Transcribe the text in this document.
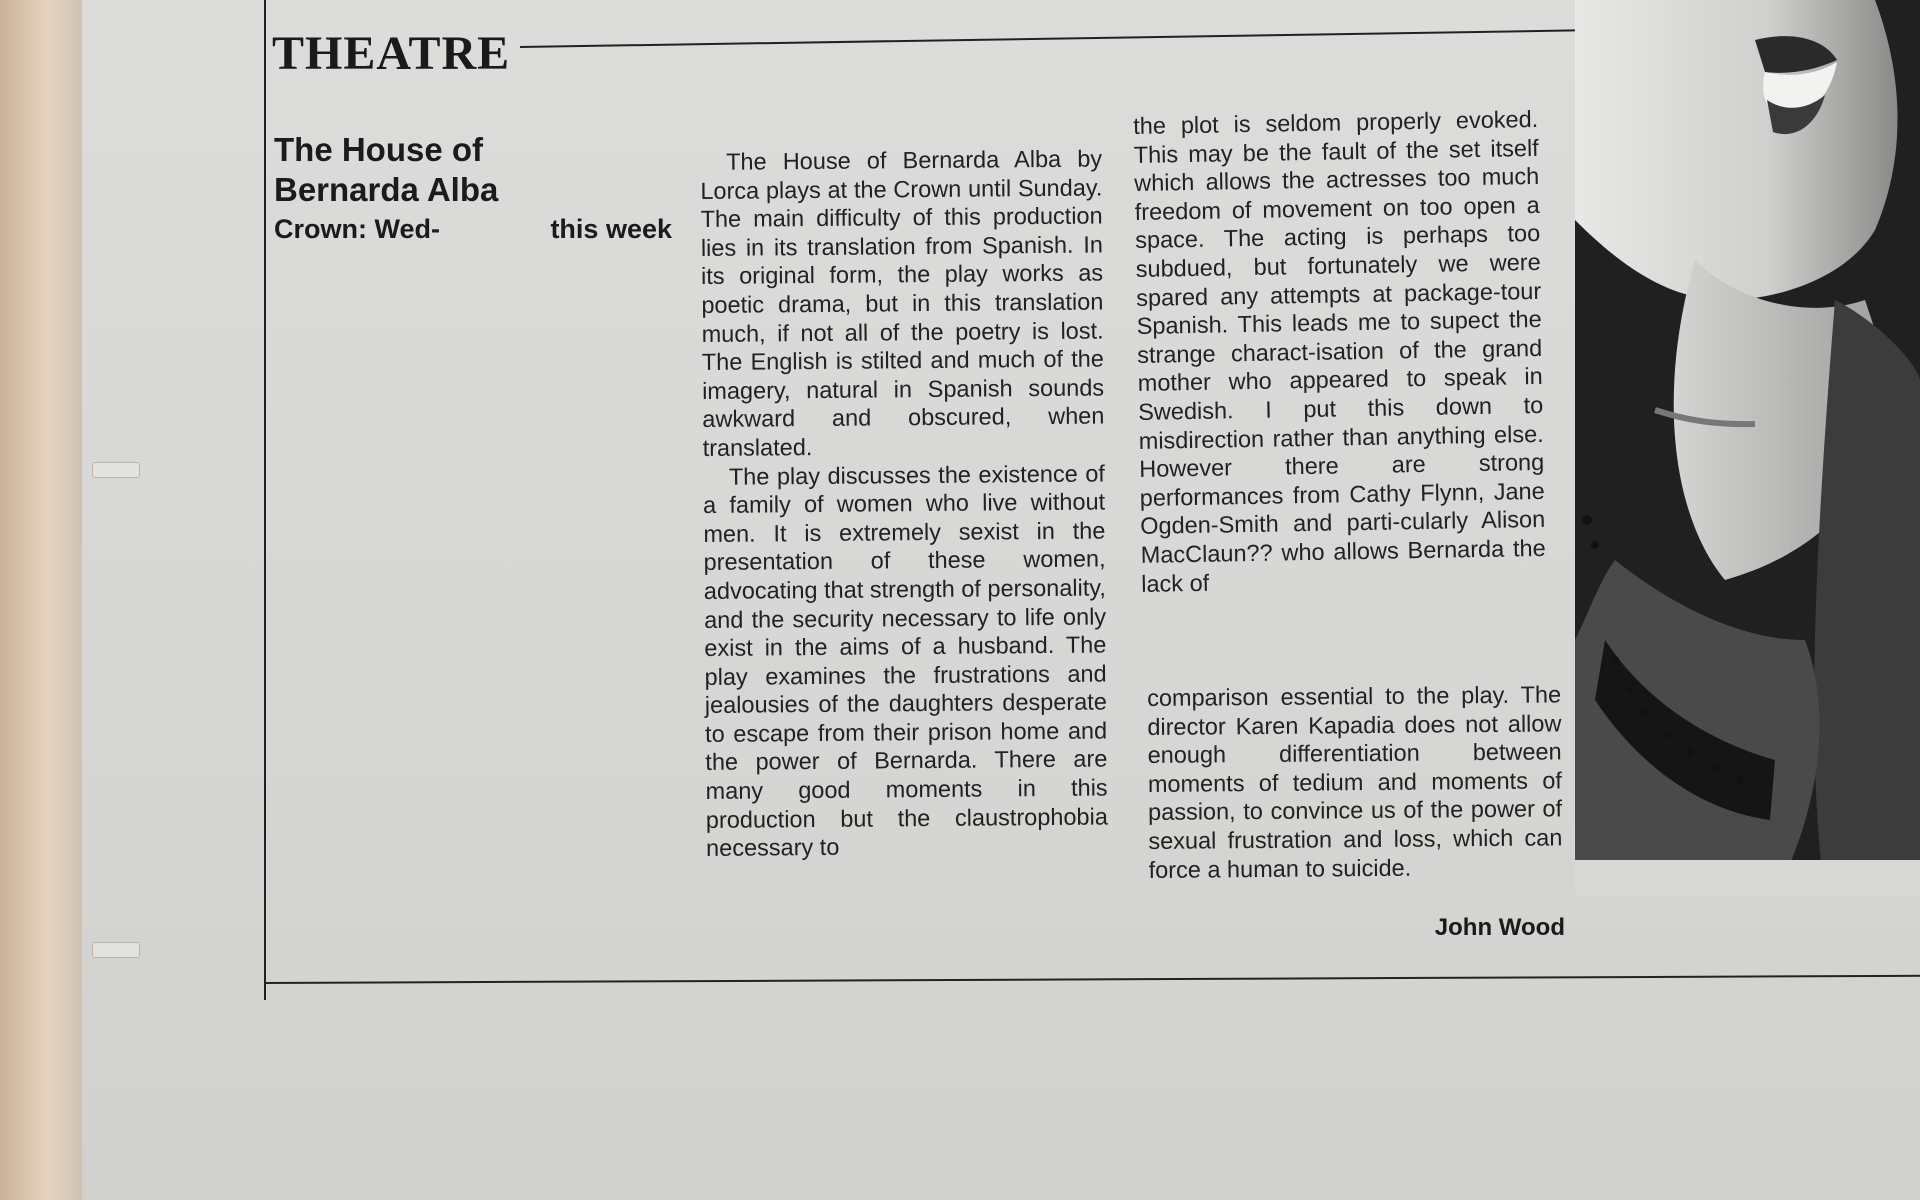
THEATRE
The House of Bernarda Alba
Crown: Wed-	this week

The House of Bernarda Alba by Lorca plays at the Crown until Sunday. The main difficulty of this production lies in its translation from Spanish. In its original form, the play works as poetic drama, but in this translation much, if not all of the poetry is lost. The English is stilted and much of the imagery, natural in Spanish sounds awkward and obscured, when translated.

The play discusses the existence of a family of women who live without men. It is extremely sexist in the presentation of these women, advocating that strength of personality, and the security necessary to life only exist in the aims of a husband. The play examines the frustrations and jealousies of the daughters desperate to escape from their prison home and the power of Bernarda. There are many good moments in this production but the claustrophobia necessary to

the plot is seldom properly evoked. This may be the fault of the set itself which allows the actresses too much freedom of movement on too open a space. The acting is perhaps too subdued, but fortunately we were spared any attempts at package-tour Spanish. This leads me to supect the strange charact-isation of the grand mother who appeared to speak in Swedish. I put this down to misdirection rather than anything else. However there are strong performances from Cathy Flynn, Jane Ogden-Smith and parti-cularly Alison MacClaun?? who allows Bernarda the lack of

comparison essential to the play. The director Karen Kapadia does not allow enough differentiation between moments of tedium and moments of passion, to convince us of the power of sexual frustration and loss, which can force a human to suicide.

John Wood
